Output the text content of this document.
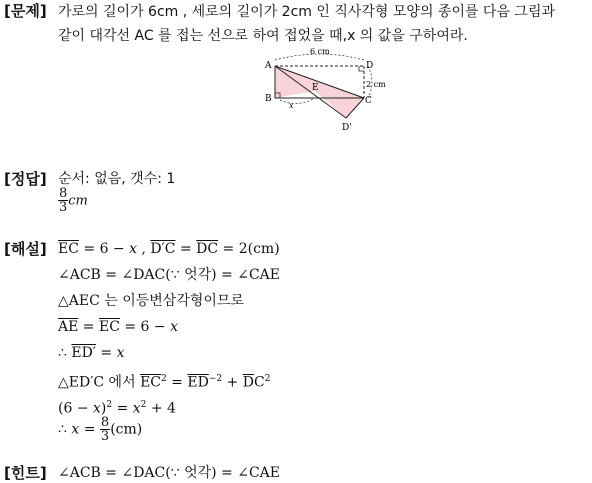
[문제] 가로의 길이가 6cm , 세로의 길이가 2cm 인 직사각형 모양의 종이를 다음 그림과
같이 대각선 AC 를 접는 선으로 하여 접었을 때,x 의 값을 구하여라.
A	D
B
E
C
D'
x
6 cm
2 cm
[정답] 순서: 없음, 갯수: 1
$\frac{8}{3}$ cm
[해설] $\overline{EC} = 6 - x$ , $D'C = \overline{DC} = 2(cm)$
∠ACB = ∠DAC(∵ 엇각) = ∠CAE
△AEC 는 이등변삼각형이므로
$\overline{AE} = \overline{EC} = 6 - x$
∴ ED′ = x
△ED′C 에서 $\overline{EC}^2 = \overline{ED}^{-2} + \overline{D}C^2$
$(6 - x)^2 = x^2 + 4$
∴ $x = \frac{8}{3} (cm)$
[힌트] ∠ACB = ∠DAC(∵ 엇각) = ∠CAE
